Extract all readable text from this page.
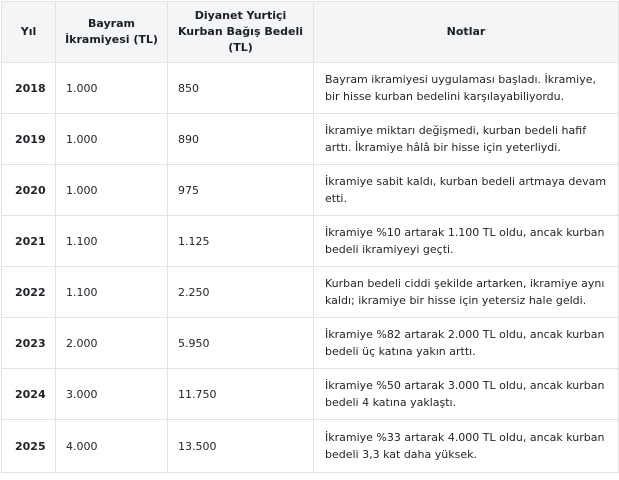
Yıl	Bayram İkramiyesi (TL)	Diyanet Yurtiçi Kurban Bağış Bedeli (TL)	Notlar
2018	1.000	850	Bayram ikramiyesi uygulaması başladı. İkramiye, bir hisse kurban bedelini karşılayabiliyordu.
2019	1.000	890	İkramiye miktarı değişmedi, kurban bedeli hafif arttı. İkramiye hâlâ bir hisse için yeterliydi.
2020	1.000	975	İkramiye sabit kaldı, kurban bedeli artmaya devam etti.
2021	1.100	1.125	İkramiye %10 artarak 1.100 TL oldu, ancak kurban bedeli ikramiyeyi geçti.
2022	1.100	2.250	Kurban bedeli ciddi şekilde artarken, ikramiye aynı kaldı; ikramiye bir hisse için yetersiz hale geldi.
2023	2.000	5.950	İkramiye %82 artarak 2.000 TL oldu, ancak kurban bedeli üç katına yakın arttı.
2024	3.000	11.750	İkramiye %50 artarak 3.000 TL oldu, ancak kurban bedeli 4 katına yaklaştı.
2025	4.000	13.500	İkramiye %33 artarak 4.000 TL oldu, ancak kurban bedeli 3,3 kat daha yüksek.
